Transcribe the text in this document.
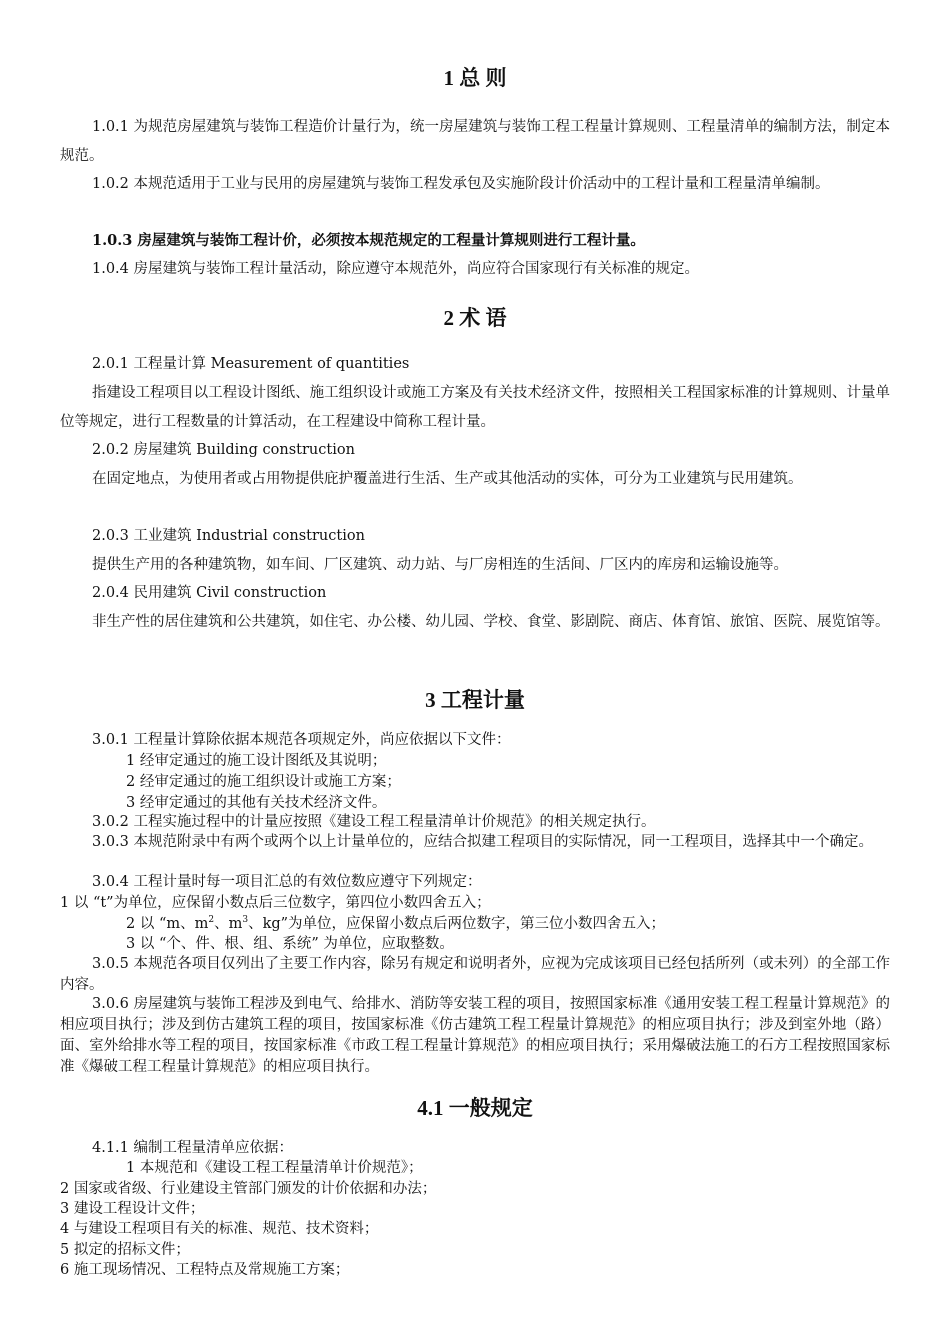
1 总 则

1.0.1 为规范房屋建筑与装饰工程造价计量行为，统一房屋建筑与装饰工程工程量计算规则、工程量清单的编制方法，制定本规范。

1.0.2 本规范适用于工业与民用的房屋建筑与装饰工程发承包及实施阶段计价活动中的工程计量和工程量清单编制。

1.0.3 房屋建筑与装饰工程计价，必须按本规范规定的工程量计算规则进行工程计量。

1.0.4 房屋建筑与装饰工程计量活动，除应遵守本规范外，尚应符合国家现行有关标准的规定。

2 术 语

2.0.1 工程量计算 Measurement of quantities

指建设工程项目以工程设计图纸、施工组织设计或施工方案及有关技术经济文件，按照相关工程国家标准的计算规则、计量单位等规定，进行工程数量的计算活动，在工程建设中简称工程计量。

2.0.2 房屋建筑 Building construction

在固定地点，为使用者或占用物提供庇护覆盖进行生活、生产或其他活动的实体，可分为工业建筑与民用建筑。

2.0.3 工业建筑 Industrial construction

提供生产用的各种建筑物，如车间、厂区建筑、动力站、与厂房相连的生活间、厂区内的库房和运输设施等。

2.0.4 民用建筑 Civil construction

非生产性的居住建筑和公共建筑，如住宅、办公楼、幼儿园、学校、食堂、影剧院、商店、体育馆、旅馆、医院、展览馆等。

3 工程计量

3.0.1 工程量计算除依据本规范各项规定外，尚应依据以下文件：

1 经审定通过的施工设计图纸及其说明；

2 经审定通过的施工组织设计或施工方案；

3 经审定通过的其他有关技术经济文件。

3.0.2 工程实施过程中的计量应按照《建设工程工程量清单计价规范》的相关规定执行。

3.0.3 本规范附录中有两个或两个以上计量单位的，应结合拟建工程项目的实际情况，同一工程项目，选择其中一个确定。

3.0.4 工程计量时每一项目汇总的有效位数应遵守下列规定：

1 以 “t”为单位，应保留小数点后三位数字，第四位小数四舍五入；

2 以 “m、$m^2$、$m^3$、kg”为单位，应保留小数点后两位数字，第三位小数四舍五入；

3 以 “个、件、根、组、系统” 为单位，应取整数。

3.0.5 本规范各项目仅列出了主要工作内容，除另有规定和说明者外，应视为完成该项目已经包括所列（或未列）的全部工作内容。

3.0.6 房屋建筑与装饰工程涉及到电气、给排水、消防等安装工程的项目，按照国家标准《通用安装工程工程量计算规范》的相应项目执行；涉及到仿古建筑工程的项目，按国家标准《仿古建筑工程工程量计算规范》的相应项目执行；涉及到室外地（路）面、室外给排水等工程的项目，按国家标准《市政工程工程量计算规范》的相应项目执行；采用爆破法施工的石方工程按照国家标准《爆破工程工程量计算规范》的相应项目执行。

4.1 一般规定

4.1.1 编制工程量清单应依据：

1 本规范和《建设工程工程量清单计价规范》；

2 国家或省级、行业建设主管部门颁发的计价依据和办法；

3 建设工程设计文件；

4 与建设工程项目有关的标准、规范、技术资料；

5 拟定的招标文件；

6 施工现场情况、工程特点及常规施工方案；
